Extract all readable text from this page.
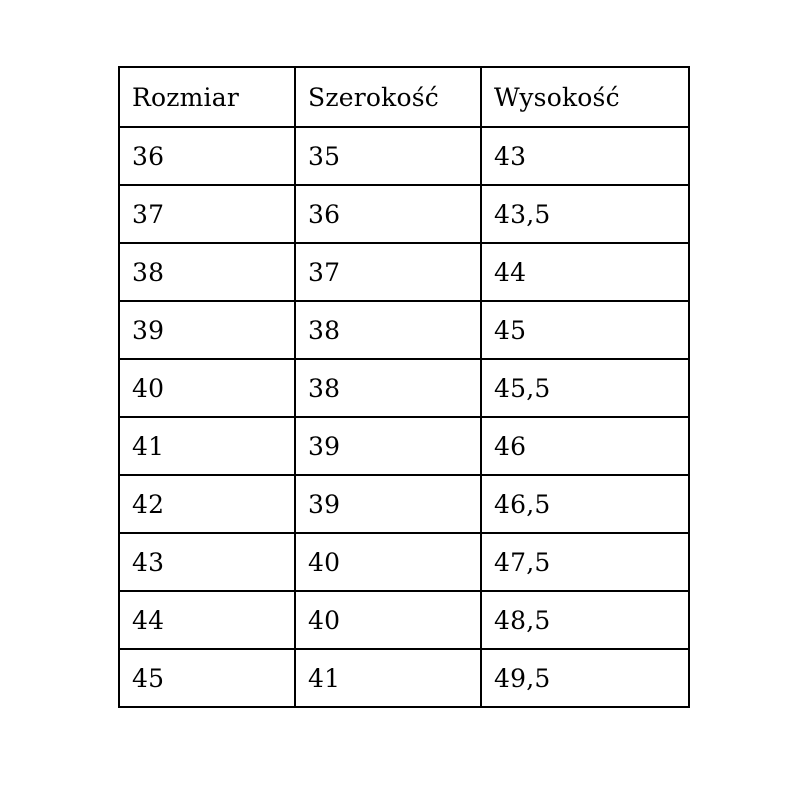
Rozmiar	Szerokość	Wysokość
36	35	43
37	36	43,5
38	37	44
39	38	45
40	38	45,5
41	39	46
42	39	46,5
43	40	47,5
44	40	48,5
45	41	49,5
